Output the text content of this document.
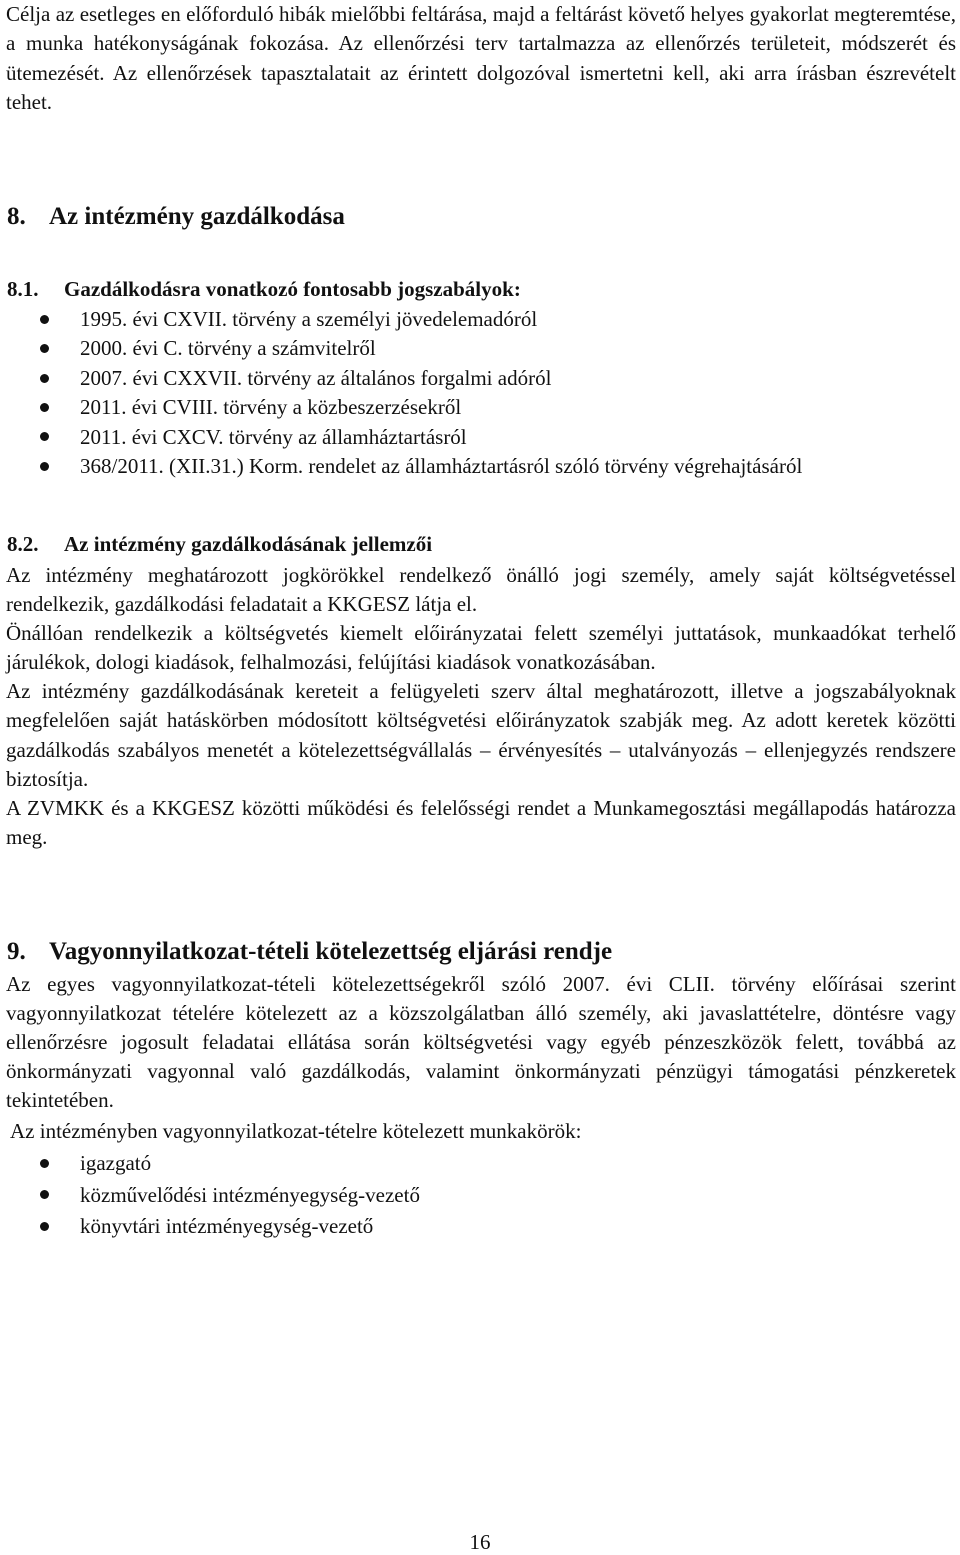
Célja az esetleges en előforduló hibák mielőbbi feltárása, majd a feltárást követő helyes gyakorlat megteremtése, a munka hatékonyságának fokozása. Az ellenőrzési terv tartalmazza az ellenőrzés területeit, módszerét és ütemezését. Az ellenőrzések tapasztalatait az érintett dolgozóval ismertetni kell, aki arra írásban észrevételt tehet.

8. Az intézmény gazdálkodása
8.1. Gazdálkodásra vonatkozó fontosabb jogszabályok:
1995. évi CXVII. törvény a személyi jövedelemadóról
2000. évi C. törvény a számvitelről
2007. évi CXXVII. törvény az általános forgalmi adóról
2011. évi CVIII. törvény a közbeszerzésekről
2011. évi CXCV. törvény az államháztartásról
368/2011. (XII.31.) Korm. rendelet az államháztartásról szóló törvény végrehajtásáról
8.2. Az intézmény gazdálkodásának jellemzői

Az intézmény meghatározott jogkörökkel rendelkező önálló jogi személy, amely saját költségvetéssel rendelkezik, gazdálkodási feladatait a KKGESZ látja el.

Önállóan rendelkezik a költségvetés kiemelt előirányzatai felett személyi juttatások, munkaadókat terhelő járulékok, dologi kiadások, felhalmozási, felújítási kiadások vonatkozásában.

Az intézmény gazdálkodásának kereteit a felügyeleti szerv által meghatározott, illetve a jogszabályoknak megfelelően saját hatáskörben módosított költségvetési előirányzatok szabják meg. Az adott keretek közötti gazdálkodás szabályos menetét a kötelezettségvállalás – érvényesítés – utalványozás – ellenjegyzés rendszere biztosítja.

A ZVMKK és a KKGESZ közötti működési és felelősségi rendet a Munkamegosztási megállapodás határozza meg.

9. Vagyonnyilatkozat-tételi kötelezettség eljárási rendje

Az egyes vagyonnyilatkozat-tételi kötelezettségekről szóló 2007. évi CLII. törvény előírásai szerint vagyonnyilatkozat tételére kötelezett az a közszolgálatban álló személy, aki javaslattételre, döntésre vagy ellenőrzésre jogosult feladatai ellátása során költségvetési vagy egyéb pénzeszközök felett, továbbá az önkormányzati vagyonnal való gazdálkodás, valamint önkormányzati pénzügyi támogatási pénzkeretek tekintetében.

Az intézményben vagyonnyilatkozat-tételre kötelezett munkakörök:

igazgató
közművelődési intézményegység-vezető
könyvtári intézményegység-vezető
16
